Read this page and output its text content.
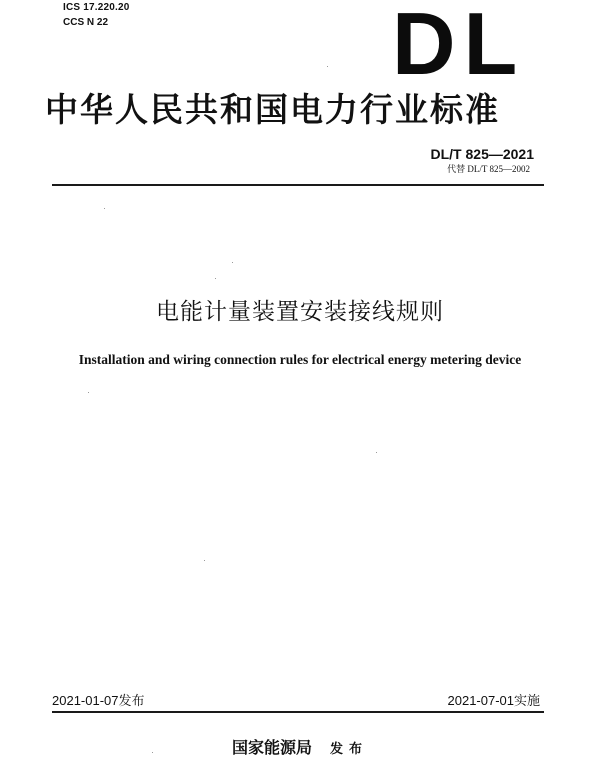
ICS 17.220.20
CCS N 22	DL
中华人民共和国电力行业标准
DL/T 825—2021
代替 DL/T 825—2002
电能计量装置安装接线规则
Installation and wiring connection rules for electrical energy metering device
2021-01-07发布	2021-07-01实施
国家能源局 发布
